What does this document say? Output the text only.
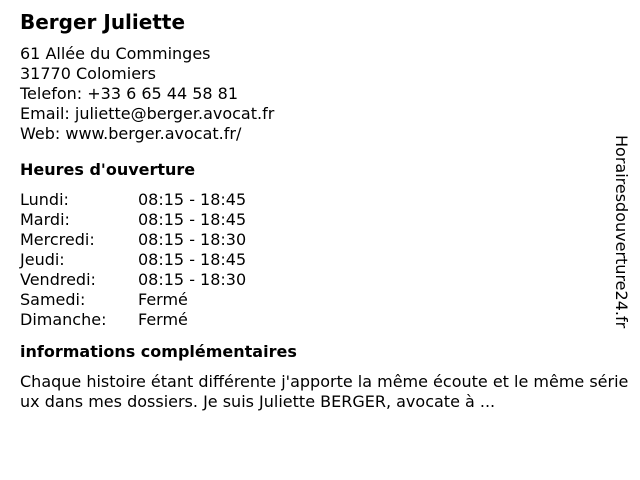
Berger Juliette
61 Allée du Comminges
31770 Colomiers
Telefon: +33 6 65 44 58 81
Email: juliette@berger.avocat.fr
Web: www.berger.avocat.fr/
Heures d'ouverture
Lundi:	08:15 - 18:45
Mardi:	08:15 - 18:45
Mercredi:	08:15 - 18:30
Jeudi:	08:15 - 18:45
Vendredi:	08:15 - 18:30
Samedi:	Fermé
Dimanche:	Fermé
informations complémentaires
Chaque histoire étant différente j'apporte la même écoute et le même sérieux dans mes dossiers. Je suis Juliette BERGER, avocate à ...
Horairesdouverture24.fr
